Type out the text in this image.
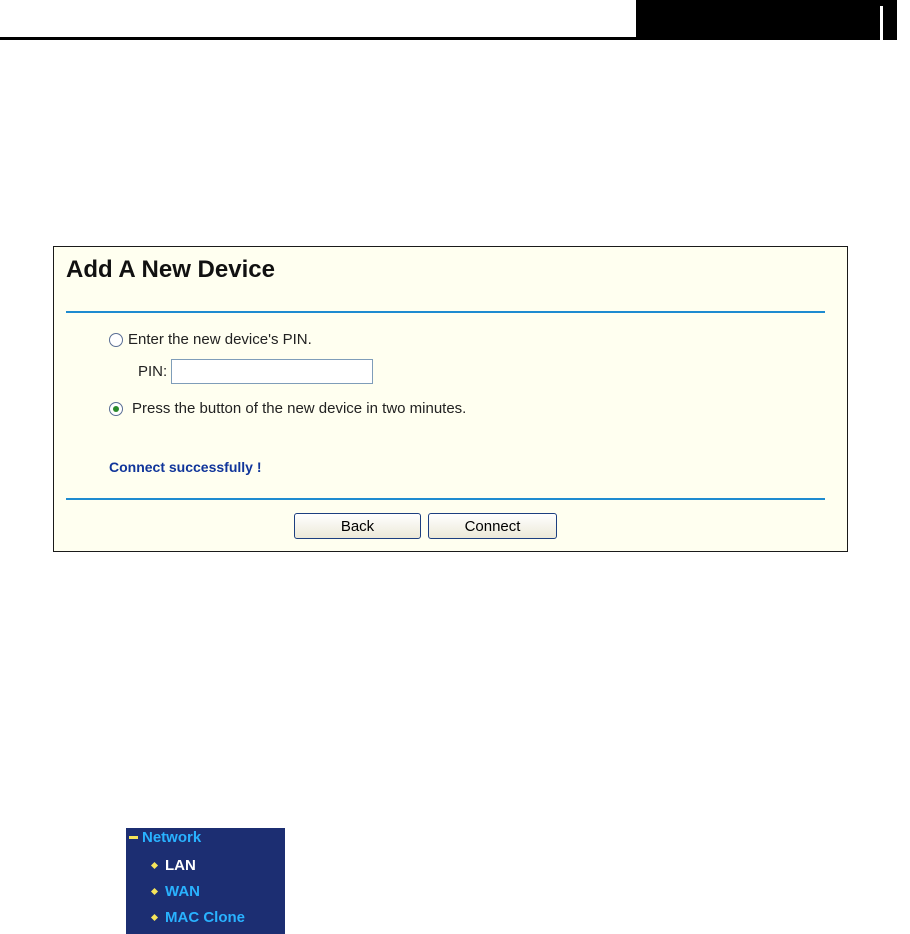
Add A New Device
Enter the new device's PIN.
PIN:
Press the button of the new device in two minutes.
Connect successfully !
Back	Connect
Network
LAN
WAN
MAC Clone
